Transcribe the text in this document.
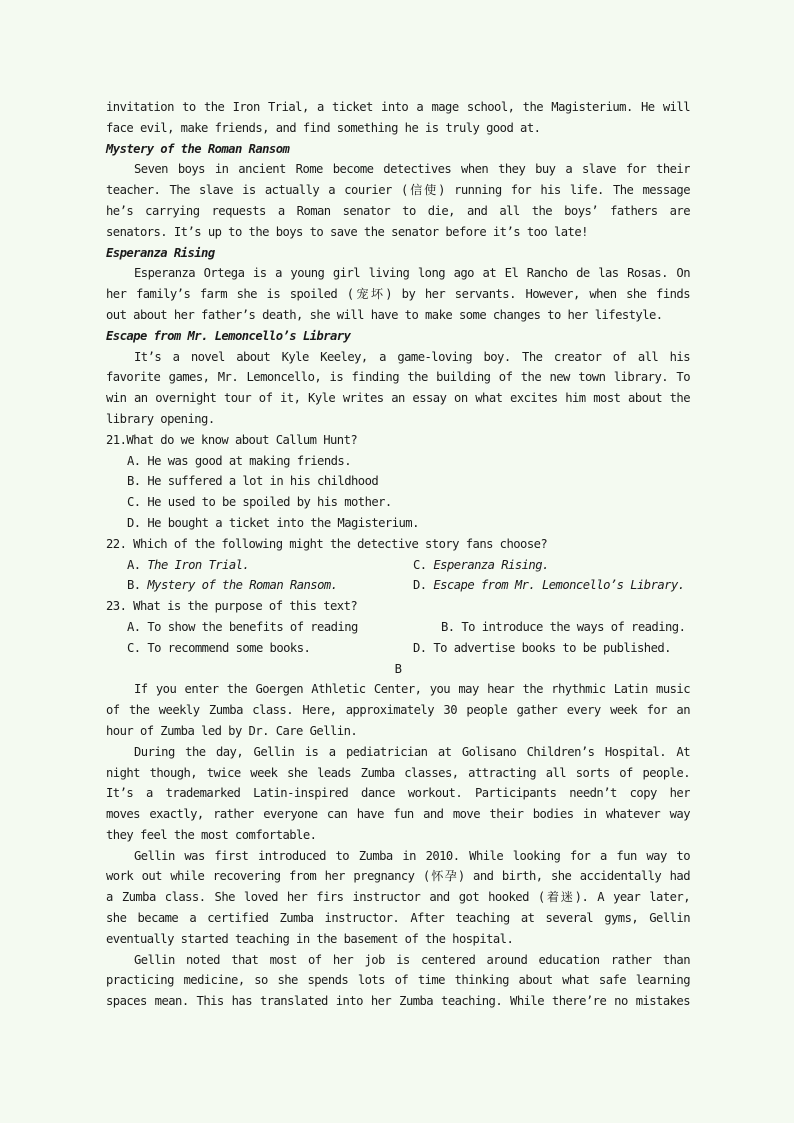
invitation to the Iron Trial, a ticket into a mage school, the Magisterium. He will
face evil, make friends, and find something he is truly good at.
Mystery of the Roman Ransom
Seven boys in ancient Rome become detectives when they buy a slave for their
teacher. The slave is actually a courier (信使) running for his life. The message
he’s carrying requests a Roman senator to die, and all the boys’ fathers are
senators. It’s up to the boys to save the senator before it’s too late!
Esperanza Rising
Esperanza Ortega is a young girl living long ago at El Rancho de las Rosas. On
her family’s farm she is spoiled (宠坏) by her servants. However, when she finds
out about her father’s death, she will have to make some changes to her lifestyle.
Escape from Mr. Lemoncello’s Library
It’s a novel about Kyle Keeley, a game-loving boy. The creator of all his
favorite games, Mr. Lemoncello, is finding the building of the new town library. To
win an overnight tour of it, Kyle writes an essay on what excites him most about the
library opening.
21.What do we know about Callum Hunt?
A. He was good at making friends.
B. He suffered a lot in his childhood
C. He used to be spoiled by his mother.
D. He bought a ticket into the Magisterium.
22. Which of the following might the detective story fans choose?
A. The Iron Trial.	C. Esperanza Rising.
B. Mystery of the Roman Ransom.	D. Escape from Mr. Lemoncello’s Library.
23. What is the purpose of this text?
A. To show the benefits of reading	B. To introduce the ways of reading.
C. To recommend some books.	D. To advertise books to be published.
B
If you enter the Goergen Athletic Center, you may hear the rhythmic Latin music
of the weekly Zumba class. Here, approximately 30 people gather every week for an
hour of Zumba led by Dr. Care Gellin.
During the day, Gellin is a pediatrician at Golisano Children’s Hospital. At
night though, twice week she leads Zumba classes, attracting all sorts of people.
It’s a trademarked Latin-inspired dance workout. Participants needn’t copy her
moves exactly, rather everyone can have fun and move their bodies in whatever way
they feel the most comfortable.
Gellin was first introduced to Zumba in 2010. While looking for a fun way to
work out while recovering from her pregnancy (怀孕) and birth, she accidentally had
a Zumba class. She loved her firs instructor and got hooked (着迷). A year later,
she became a certified Zumba instructor. After teaching at several gyms, Gellin
eventually started teaching in the basement of the hospital.
Gellin noted that most of her job is centered around education rather than
practicing medicine, so she spends lots of time thinking about what safe learning
spaces mean. This has translated into her Zumba teaching. While there’re no mistakes
